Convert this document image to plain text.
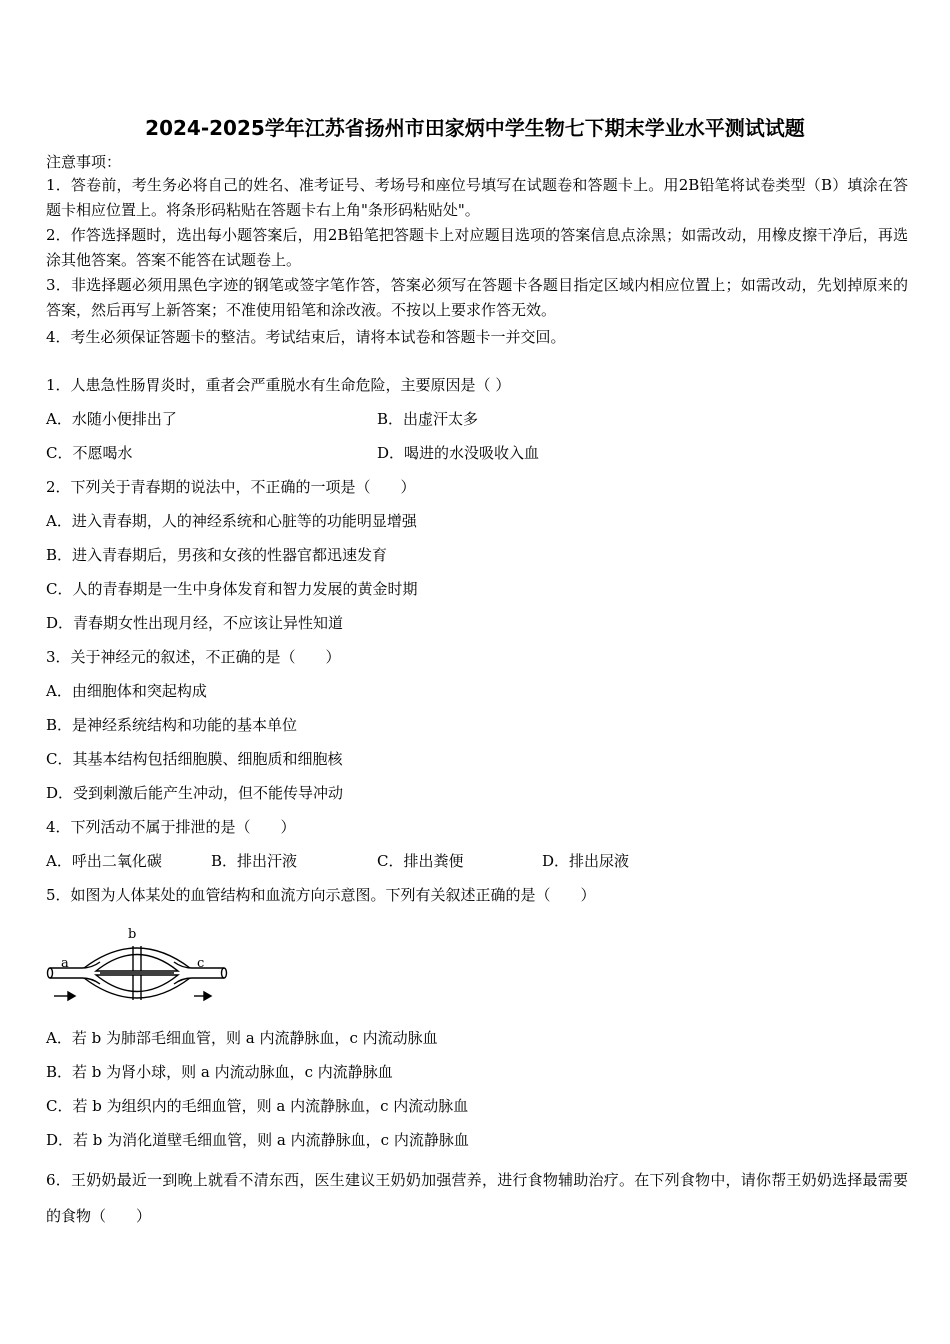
2024-2025学年江苏省扬州市田家炳中学生物七下期末学业水平测试试题
注意事项：
1．答卷前，考生务必将自己的姓名、准考证号、考场号和座位号填写在试题卷和答题卡上。用2B铅笔将试卷类型（B）填涂在答题卡相应位置上。将条形码粘贴在答题卡右上角"条形码粘贴处"。
2．作答选择题时，选出每小题答案后，用2B铅笔把答题卡上对应题目选项的答案信息点涂黑；如需改动，用橡皮擦干净后，再选涂其他答案。答案不能答在试题卷上。
3．非选择题必须用黑色字迹的钢笔或签字笔作答，答案必须写在答题卡各题目指定区域内相应位置上；如需改动，先划掉原来的答案，然后再写上新答案；不准使用铅笔和涂改液。不按以上要求作答无效。
4．考生必须保证答题卡的整洁。考试结束后，请将本试卷和答题卡一并交回。
1．人患急性肠胃炎时，重者会严重脱水有生命危险，主要原因是（ ）
A．水随小便排出了	B．出虚汗太多
C．不愿喝水	D．喝进的水没吸收入血
2．下列关于青春期的说法中，不正确的一项是（　　）
A．进入青春期，人的神经系统和心脏等的功能明显增强
B．进入青春期后，男孩和女孩的性器官都迅速发育
C．人的青春期是一生中身体发育和智力发展的黄金时期
D．青春期女性出现月经，不应该让异性知道
3．关于神经元的叙述，不正确的是（　　）
A．由细胞体和突起构成
B．是神经系统结构和功能的基本单位
C．其基本结构包括细胞膜、细胞质和细胞核
D．受到刺激后能产生冲动，但不能传导冲动
4．下列活动不属于排泄的是（　　）
A．呼出二氧化碳	B．排出汗液	C．排出粪便	D．排出尿液
5．如图为人体某处的血管结构和血流方向示意图。下列有关叙述正确的是（　　）
a
b
c
A．若 b 为肺部毛细血管，则 a 内流静脉血，c 内流动脉血
B．若 b 为肾小球，则 a 内流动脉血，c 内流静脉血
C．若 b 为组织内的毛细血管，则 a 内流静脉血，c 内流动脉血
D．若 b 为消化道壁毛细血管，则 a 内流静脉血，c 内流静脉血
6．王奶奶最近一到晚上就看不清东西，医生建议王奶奶加强营养，进行食物辅助治疗。在下列食物中，请你帮王奶奶选择最需要的食物（　　）
